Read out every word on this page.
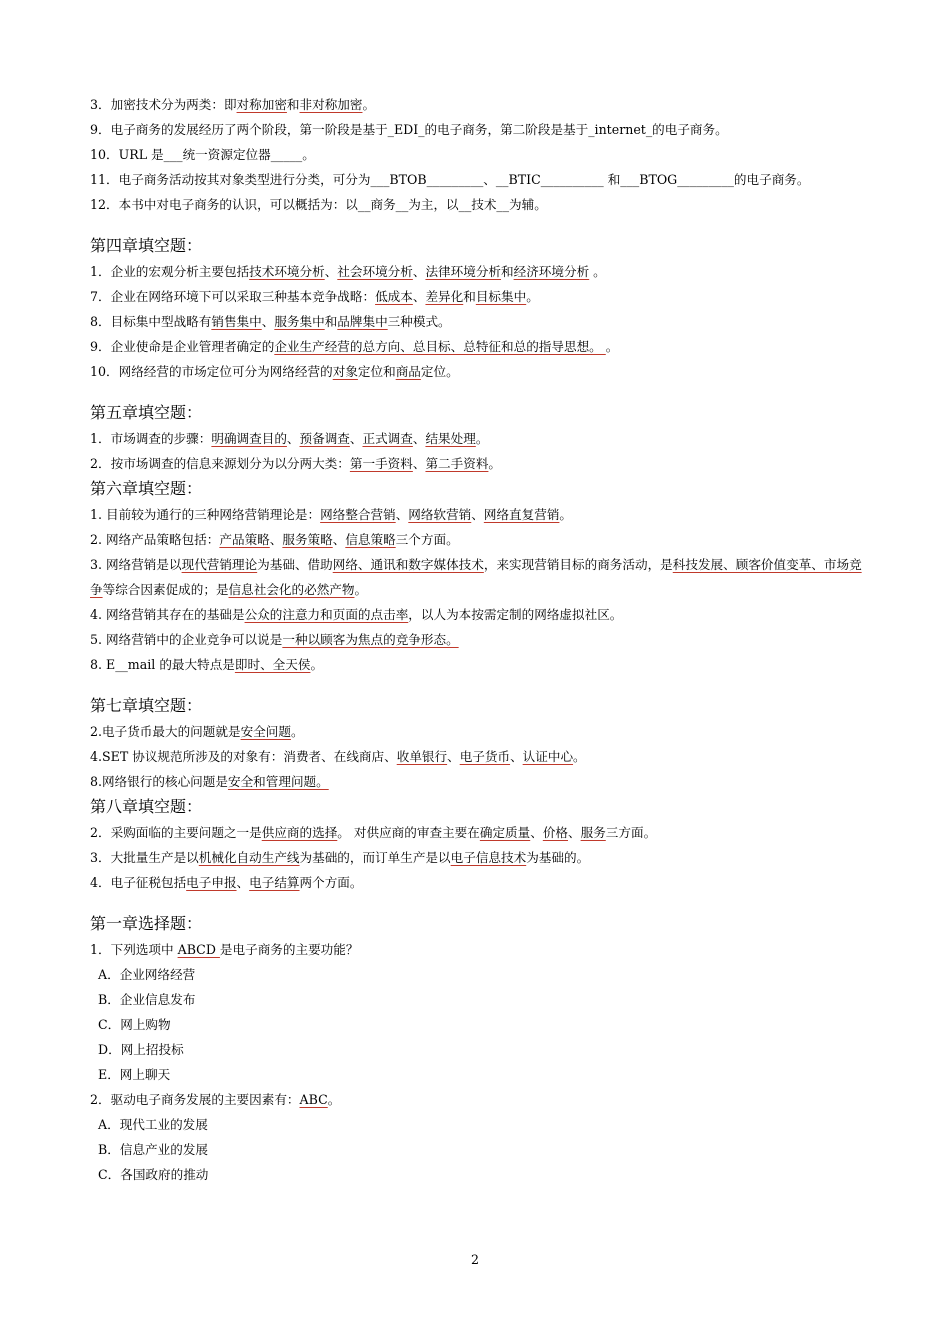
3．加密技术分为两类：即对称加密和非对称加密。
9．电子商务的发展经历了两个阶段，第一阶段是基于_EDI_的电子商务，第二阶段是基于_internet_的电子商务。
10．URL 是___统一资源定位器_____。
11．电子商务活动按其对象类型进行分类，可分为___BTOB_________、__BTIC__________ 和___BTOG_________的电子商务。
12．本书中对电子商务的认识，可以概括为：以__商务__为主，以__技术__为辅。
第四章填空题：
1．企业的宏观分析主要包括技术环境分析、社会环境分析、法律环境分析和经济环境分析 。
7．企业在网络环境下可以采取三种基本竞争战略：低成本、差异化和目标集中。
8．目标集中型战略有销售集中、服务集中和品牌集中三种模式。
9．企业使命是企业管理者确定的企业生产经营的总方向、总目标、总特征和总的指导思想。 。
10．网络经营的市场定位可分为网络经营的对象定位和商品定位。
第五章填空题：
1．市场调查的步骤：明确调查目的、预备调查、正式调查、结果处理。
2．按市场调查的信息来源划分为以分两大类：第一手资料、第二手资料。
第六章填空题：
1. 目前较为通行的三种网络营销理论是：网络整合营销、网络软营销、网络直复营销。
2. 网络产品策略包括：产品策略、服务策略、信息策略三个方面。
3. 网络营销是以现代营销理论为基础、借助网络、通讯和数字媒体技术，来实现营销目标的商务活动，是科技发展、顾客价值变革、市场竞争等综合因素促成的；是信息社会化的必然产物。
4. 网络营销其存在的基础是公众的注意力和页面的点击率，以人为本按需定制的网络虚拟社区。
5. 网络营销中的企业竞争可以说是一种以顾客为焦点的竞争形态。
8. E__mail 的最大特点是即时、全天侯。
第七章填空题：
2.电子货币最大的问题就是安全问题。
4.SET 协议规范所涉及的对象有：消费者、在线商店、收单银行、电子货币、认证中心。
8.网络银行的核心问题是安全和管理问题。
第八章填空题：
2．采购面临的主要问题之一是供应商的选择。 对供应商的审查主要在确定质量、价格、服务三方面。
3．大批量生产是以机械化自动生产线为基础的，而订单生产是以电子信息技术为基础的。
4．电子征税包括电子申报、电子结算两个方面。
第一章选择题：
1．下列选项中 ABCD 是电子商务的主要功能？
A．企业网络经营
B．企业信息发布
C．网上购物
D．网上招投标
E．网上聊天
2．驱动电子商务发展的主要因素有：ABC。
A．现代工业的发展
B．信息产业的发展
C．各国政府的推动
2
